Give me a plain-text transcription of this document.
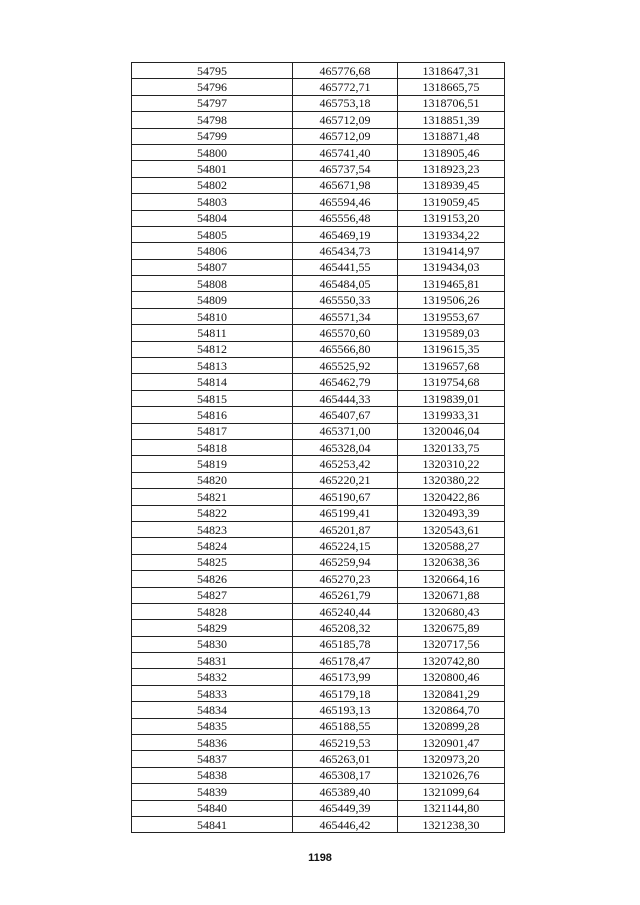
54795	465776,68	1318647,31
54796	465772,71	1318665,75
54797	465753,18	1318706,51
54798	465712,09	1318851,39
54799	465712,09	1318871,48
54800	465741,40	1318905,46
54801	465737,54	1318923,23
54802	465671,98	1318939,45
54803	465594,46	1319059,45
54804	465556,48	1319153,20
54805	465469,19	1319334,22
54806	465434,73	1319414,97
54807	465441,55	1319434,03
54808	465484,05	1319465,81
54809	465550,33	1319506,26
54810	465571,34	1319553,67
54811	465570,60	1319589,03
54812	465566,80	1319615,35
54813	465525,92	1319657,68
54814	465462,79	1319754,68
54815	465444,33	1319839,01
54816	465407,67	1319933,31
54817	465371,00	1320046,04
54818	465328,04	1320133,75
54819	465253,42	1320310,22
54820	465220,21	1320380,22
54821	465190,67	1320422,86
54822	465199,41	1320493,39
54823	465201,87	1320543,61
54824	465224,15	1320588,27
54825	465259,94	1320638,36
54826	465270,23	1320664,16
54827	465261,79	1320671,88
54828	465240,44	1320680,43
54829	465208,32	1320675,89
54830	465185,78	1320717,56
54831	465178,47	1320742,80
54832	465173,99	1320800,46
54833	465179,18	1320841,29
54834	465193,13	1320864,70
54835	465188,55	1320899,28
54836	465219,53	1320901,47
54837	465263,01	1320973,20
54838	465308,17	1321026,76
54839	465389,40	1321099,64
54840	465449,39	1321144,80
54841	465446,42	1321238,30
1198
